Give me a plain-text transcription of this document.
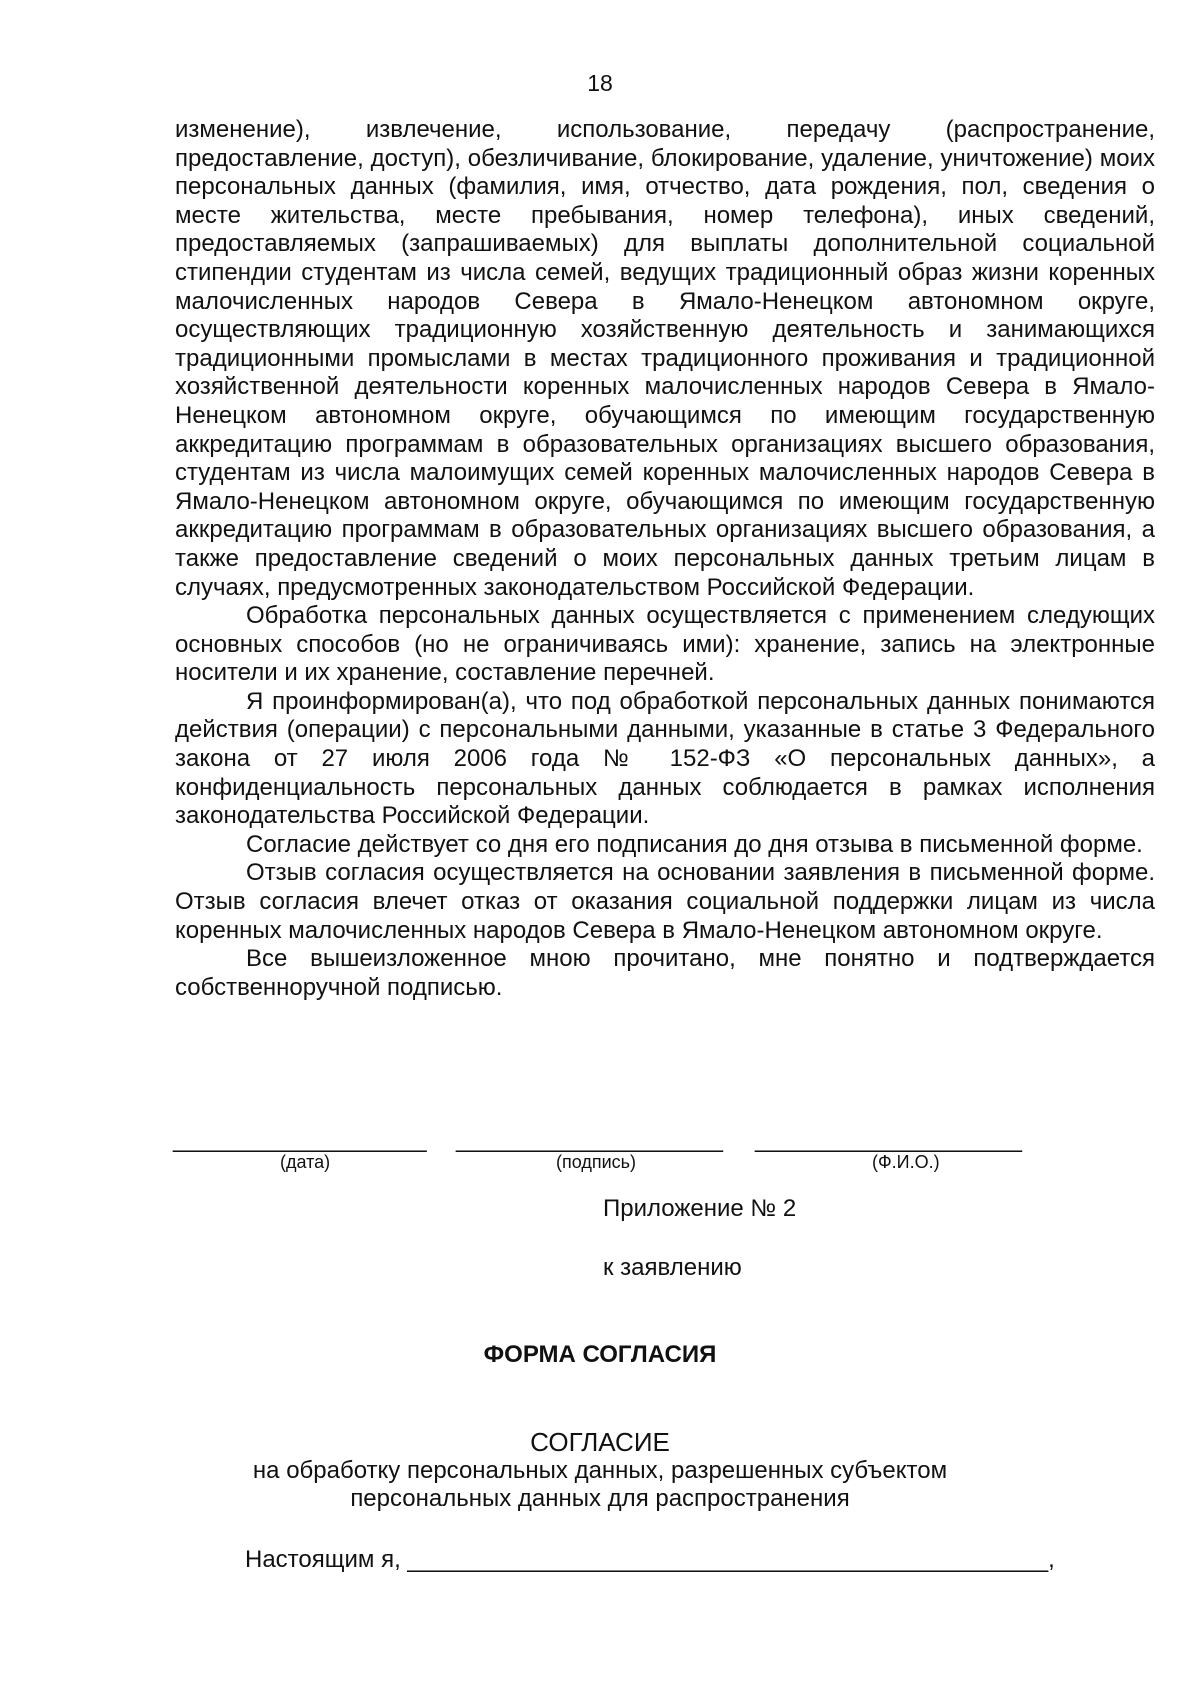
18

изменение), извлечение, использование, передачу (распространение, предоставление, доступ), обезличивание, блокирование, удаление, уничтожение) моих персональных данных (фамилия, имя, отчество, дата рождения, пол, сведения о месте жительства, месте пребывания, номер телефона), иных сведений, предоставляемых (запрашиваемых) для выплаты дополнительной социальной стипендии студентам из числа семей, ведущих традиционный образ жизни коренных малочисленных народов Севера в Ямало-Ненецком автономном округе, осуществляющих традиционную хозяйственную деятельность и занимающихся традиционными промыслами в местах традиционного проживания и традиционной хозяйственной деятельности коренных малочисленных народов Севера в Ямало-Ненецком автономном округе, обучающимся по имеющим государственную аккредитацию программам в образовательных организациях высшего образования, студентам из числа малоимущих семей коренных малочисленных народов Севера в Ямало-Ненецком автономном округе, обучающимся по имеющим государственную аккредитацию программам в образовательных организациях высшего образования, а также предоставление сведений о моих персональных данных третьим лицам в случаях, предусмотренных законодательством Российской Федерации.

Обработка персональных данных осуществляется с применением следующих основных способов (но не ограничиваясь ими): хранение, запись на электронные носители и их хранение, составление перечней.

Я проинформирован(а), что под обработкой персональных данных понимаются действия (операции) с персональными данными, указанные в статье 3 Федерального закона от 27 июля 2006 года № 152-ФЗ «О персональных данных», а конфиденциальность персональных данных соблюдается в рамках исполнения законодательства Российской Федерации.

Согласие действует со дня его подписания до дня отзыва в письменной форме.

Отзыв согласия осуществляется на основании заявления в письменной форме. Отзыв согласия влечет отказ от оказания социальной поддержки лицам из числа коренных малочисленных народов Севера в Ямало-Ненецком автономном округе.

Все вышеизложенное мною прочитано, мне понятно и подтверждается собственноручной подписью.

___________________ ____________________ ____________________
(дата)	(подпись)	(Ф.И.О.)
Приложение № 2
к заявлению
ФОРМА СОГЛАСИЯ
СОГЛАСИЕ
на обработку персональных данных, разрешенных субъектом
персональных данных для распространения
Настоящим я, ________________________________________________,
